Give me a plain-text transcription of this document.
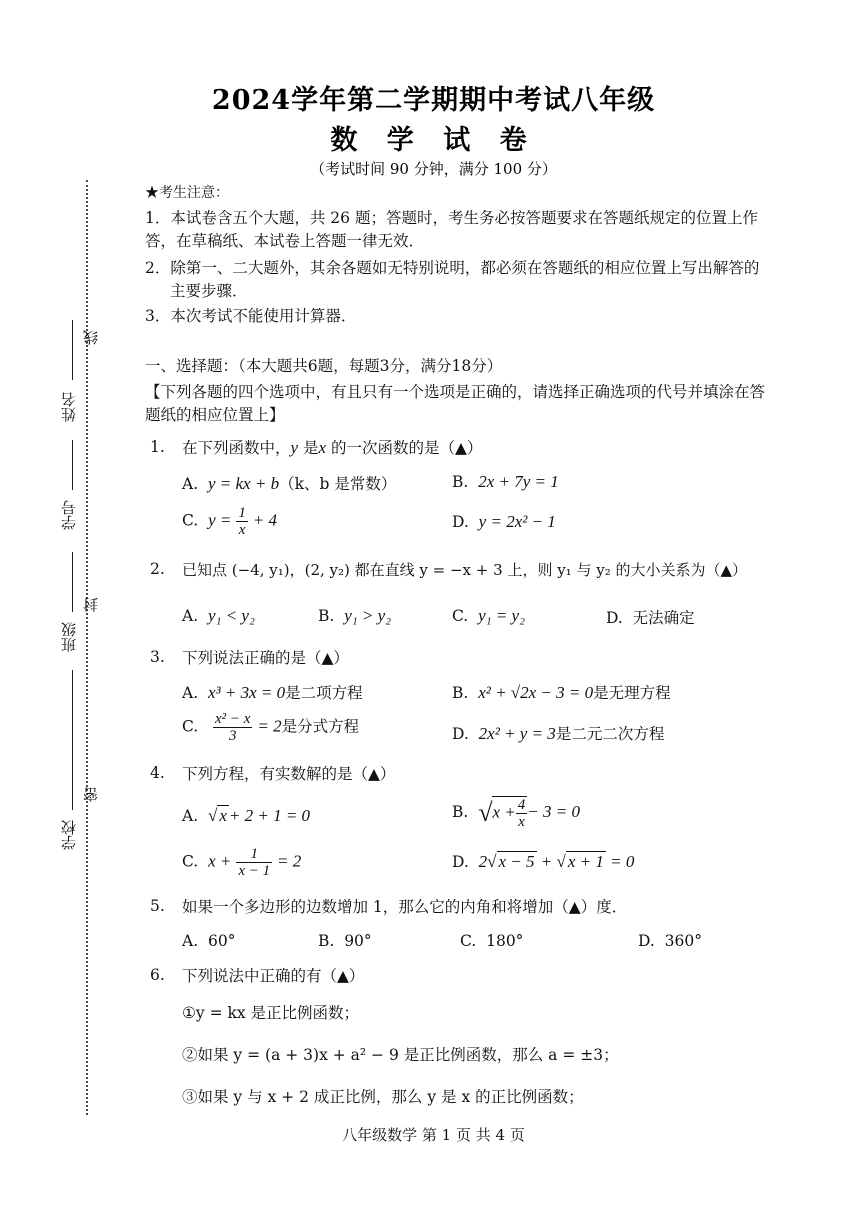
姓名
学号
班级
学校
线
封
密
2024学年第二学期期中考试八年级
数 学 试 卷
（考试时间 90 分钟，满分 100 分）
★考生注意：
1．本试卷含五个大题，共 26 题；答题时，考生务必按答题要求在答题纸规定的位置上作
答，在草稿纸、本试卷上答题一律无效．
2．除第一、二大题外，其余各题如无特别说明，都必须在答题纸的相应位置上写出解答的
主要步骤．
3．本次考试不能使用计算器．
一、选择题：（本大题共6题，每题3分，满分18分）
【下列各题的四个选项中，有且只有一个选项是正确的，请选择正确选项的代号并填涂在答
题纸的相应位置上】
1. 在下列函数中，y 是x 的一次函数的是（▲）
A. y = kx + b（k、b 是常数）	B. 2x + 7y = 1
C. $y = \frac{1}{x} + 4$	D. y = 2x² − 1
2. 已知点 (−4, y₁)，(2, y₂) 都在直线 y = −x + 3 上，则 y₁ 与 y₂ 的大小关系为（▲）
A. y₁ < y₂	B. y₁ > y₂	C. y₁ = y₂	D. 无法确定
3. 下列说法正确的是（▲）
A. x³ + 3x = 0是二项方程	B. x² + √2x − 3 = 0是无理方程
C. $\frac{\text{x² − x}}{3} = 2$是分式方程	D. 2x² + y = 3是二元二次方程
4. 下列方程，有实数解的是（▲）
A. √ x + 2 + 1 = 0	B. $√x + \frac{4}{x} - 3 = 0$
C. $x + \frac{1}{x - 1} = 2$	D. 2√ x − 5 + √ x + 1 = 0
5. 如果一个多边形的边数增加 1，那么它的内角和将增加（▲）度．
A. 60°	B. 90°	C. 180°	D. 360°
6. 下列说法中正确的有（▲）
①y = kx 是正比例函数；
②如果 y = (a + 3)x + a² − 9 是正比例函数，那么 a = ±3；
③如果 y 与 x + 2 成正比例，那么 y 是 x 的正比例函数；
八年级数学 第 1 页 共 4 页
